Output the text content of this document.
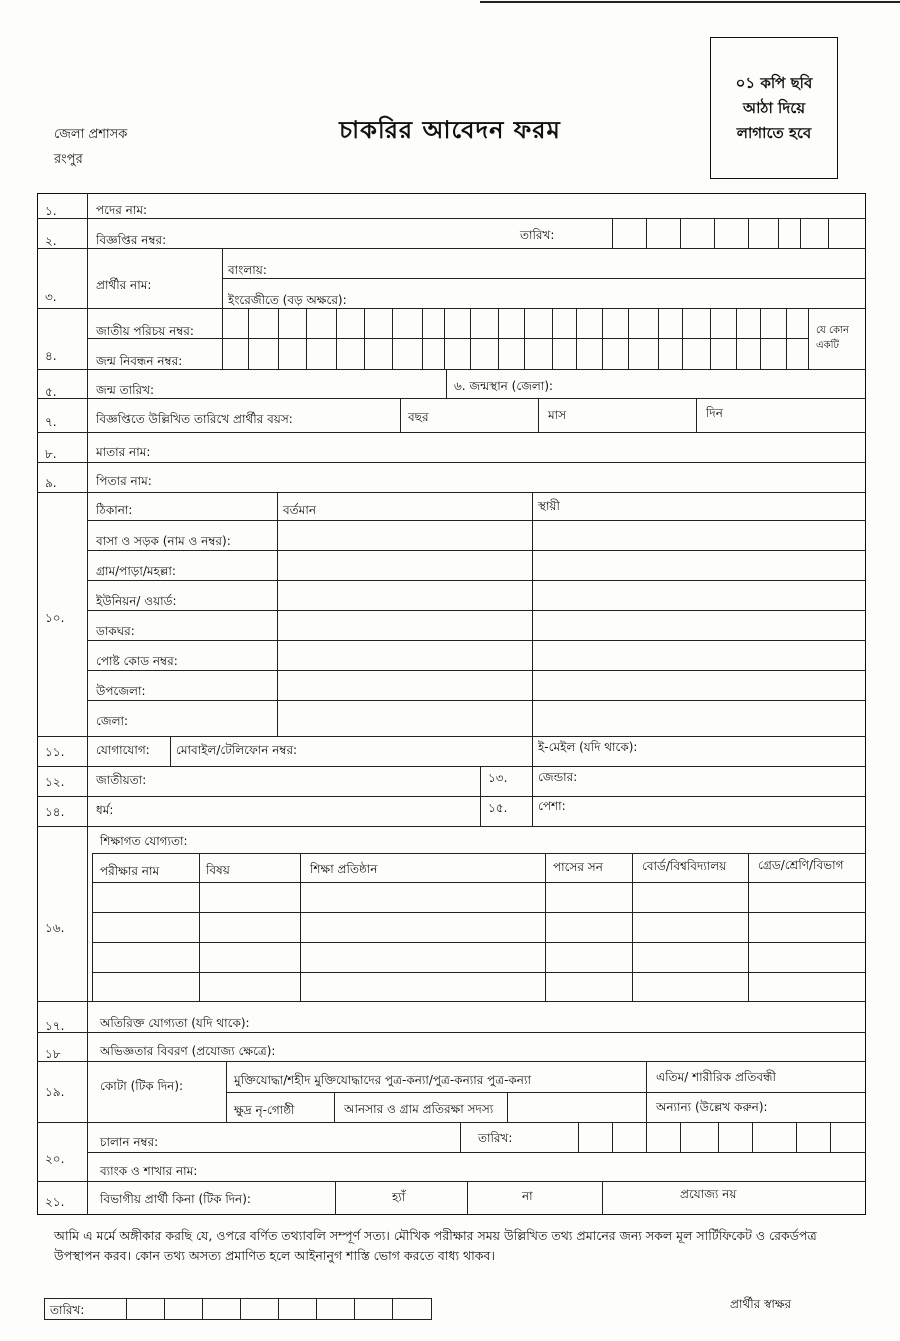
জেলা প্রশাসক
রংপুর
চাকরির আবেদন ফরম
০১ কপি ছবি
আঠা দিয়ে
লাগাতে হবে
১.	পদের নাম:
২.	বিজ্ঞপ্তির নম্বর:	তারিখ:
৩.
প্রার্থীর নাম:
বাংলায়:
ইংরেজীতে (বড় অক্ষরে):
৪.
জাতীয় পরিচয় নম্বর:
জন্ম নিবন্ধন নম্বর:
যে কোন
একটি
৫.	জন্ম তারিখ:	৬. জন্মস্থান (জেলা):
৭.	বিজ্ঞপ্তিতে উল্লিখিত তারিখে প্রার্থীর বয়স:	বছর	মাস	দিন
৮.	মাতার নাম:
৯.	পিতার নাম:
১০.
ঠিকানা:	বর্তমান	স্থায়ী
বাসা ও সড়ক (নাম ও নম্বর):
গ্রাম/পাড়া/মহল্লা:
ইউনিয়ন/ ওয়ার্ড:
ডাকঘর:
পোষ্ট কোড নম্বর:
উপজেলা:
জেলা:
১১.	যোগাযোগ: মোবাইল/টেলিফোন নম্বর:	ই-মেইল (যদি থাকে):
১২.	জাতীয়তা:	১৩.	জেন্ডার:
১৪.	ধর্ম:	১৫.	পেশা:
১৬.
শিক্ষাগত যোগ্যতা:
পরীক্ষার নাম	বিষয়	শিক্ষা প্রতিষ্ঠান	পাসের সন	বোর্ড/বিশ্ববিদ্যালয়	গ্রেড/শ্রেণি/বিভাগ
১৭.	অতিরিক্ত যোগ্যতা (যদি থাকে):
১৮	অভিজ্ঞতার বিবরণ (প্রযোজ্য ক্ষেত্রে):
১৯.	কোটা (টিক দিন):	মুক্তিযোদ্ধা/শহীদ মুক্তিযোদ্ধাদের পুত্র-কন্যা/পুত্র-কন্যার পুত্র-কন্যা	এতিম/ শারীরিক প্রতিবন্ধী
ক্ষুদ্র নৃ-গোষ্ঠী	আনসার ও গ্রাম প্রতিরক্ষা সদস্য	অন্যান্য (উল্লেখ করুন):
২০.
চালান নম্বর:	তারিখ:
ব্যাংক ও শাখার নাম:
২১.	বিভাগীয় প্রার্থী কিনা (টিক দিন):	হ্যাঁ	না	প্রযোজ্য নয়
আমি এ মর্মে অঙ্গীকার করছি যে, ওপরে বর্ণিত তথ্যাবলি সম্পূর্ণ সত্য। মৌখিক পরীক্ষার সময় উল্লিখিত তথ্য প্রমানের জন্য সকল মূল সার্টিফিকেট ও রেকর্ডপত্র উপস্থাপন করব। কোন তথ্য অসত্য প্রমাণিত হলে আইনানুগ শাস্তি ভোগ করতে বাধ্য থাকব।
তারিখ:	প্রার্থীর স্বাক্ষর
